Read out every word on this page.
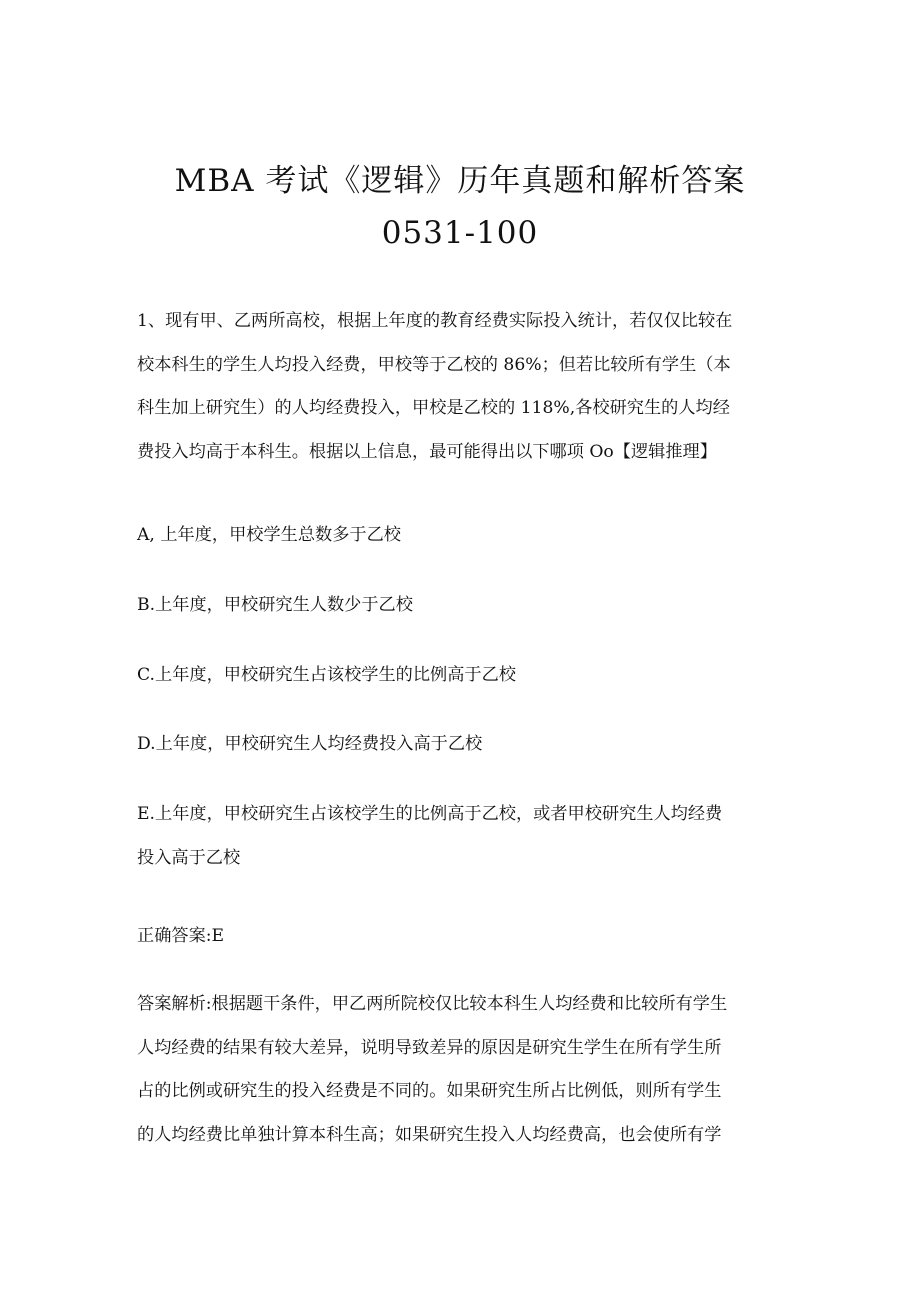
MBA 考试《逻辑》历年真题和解析答案
0531-100
1、现有甲、乙两所高校，根据上年度的教育经费实际投入统计，若仅仅比较在
校本科生的学生人均投入经费，甲校等于乙校的 86%；但若比较所有学生（本
科生加上研究生）的人均经费投入，甲校是乙校的 118%,各校研究生的人均经
费投入均高于本科生。根据以上信息，最可能得出以下哪项 Oo【逻辑推理】
A, 上年度，甲校学生总数多于乙校
B.上年度，甲校研究生人数少于乙校
C.上年度，甲校研究生占该校学生的比例高于乙校
D.上年度，甲校研究生人均经费投入高于乙校
E.上年度，甲校研究生占该校学生的比例高于乙校，或者甲校研究生人均经费
投入高于乙校
正确答案:E
答案解析:根据题干条件，甲乙两所院校仅比较本科生人均经费和比较所有学生
人均经费的结果有较大差异，说明导致差异的原因是研究生学生在所有学生所
占的比例或研究生的投入经费是不同的。如果研究生所占比例低，则所有学生
的人均经费比单独计算本科生高；如果研究生投入人均经费高，也会使所有学
